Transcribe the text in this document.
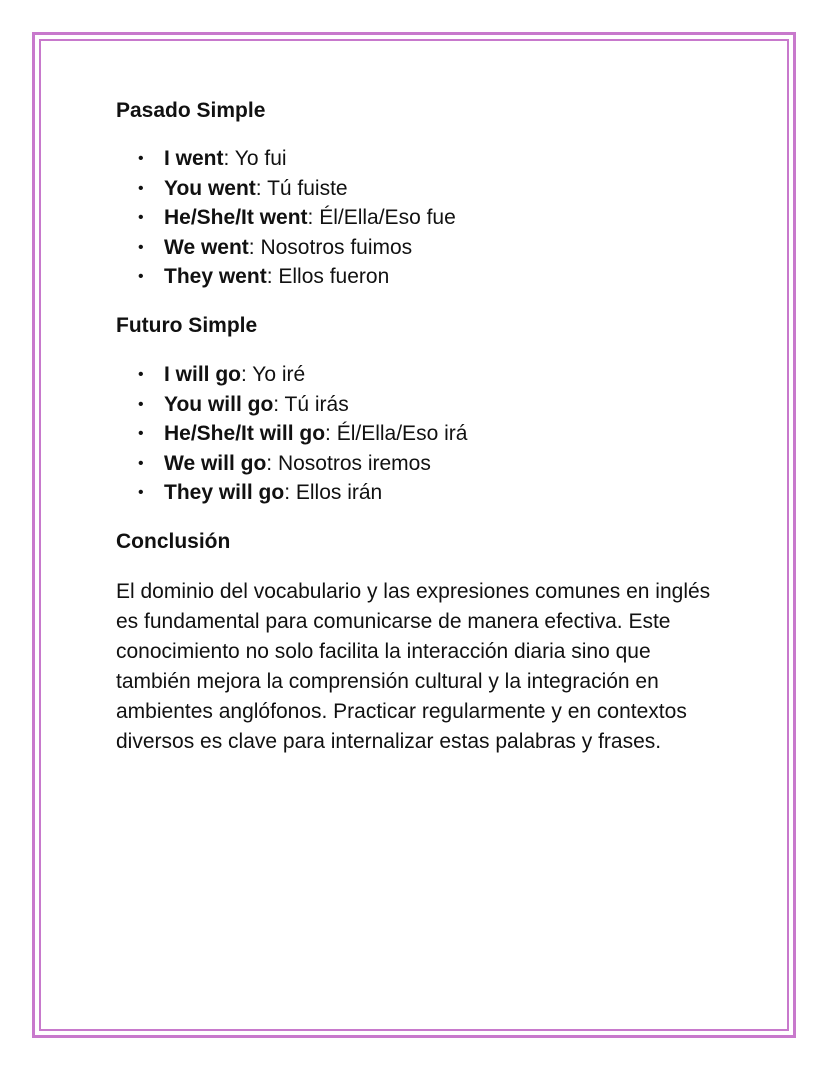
Pasado Simple
• I went: Yo fui
• You went: Tú fuiste
• He/She/It went: Él/Ella/Eso fue
• We went: Nosotros fuimos
• They went: Ellos fueron
Futuro Simple
• I will go: Yo iré
• You will go: Tú irás
• He/She/It will go: Él/Ella/Eso irá
• We will go: Nosotros iremos
• They will go: Ellos irán
Conclusión

El dominio del vocabulario y las expresiones comunes en inglés es fundamental para comunicarse de manera efectiva. Este conocimiento no solo facilita la interacción diaria sino que también mejora la comprensión cultural y la integración en ambientes anglófonos. Practicar regularmente y en contextos diversos es clave para internalizar estas palabras y frases.
